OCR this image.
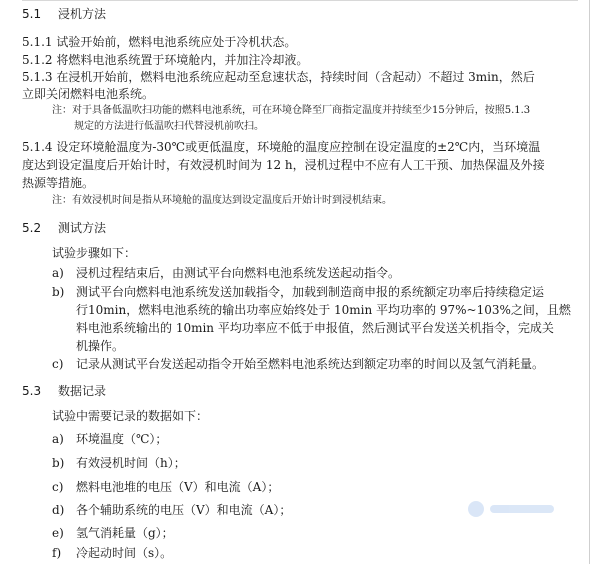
5.1 浸机方法
5.1.1 试验开始前，燃料电池系统应处于冷机状态。
5.1.2 将燃料电池系统置于环境舱内，并加注冷却液。
5.1.3 在浸机开始前，燃料电池系统应起动至怠速状态，持续时间（含起动）不超过 3min，然后
立即关闭燃料电池系统。
注：对于具备低温吹扫功能的燃料电池系统，可在环境仓降至厂商指定温度并持续至少15分钟后，按照5.1.3
规定的方法进行低温吹扫代替浸机前吹扫。
5.1.4 设定环境舱温度为-30℃或更低温度，环境舱的温度应控制在设定温度的±2℃内，当环境温
度达到设定温度后开始计时，有效浸机时间为 12 h，浸机过程中不应有人工干预、加热保温及外接
热源等措施。
注：有效浸机时间是指从环境舱的温度达到设定温度后开始计时到浸机结束。
5.2 测试方法
试验步骤如下：
a) 浸机过程结束后，由测试平台向燃料电池系统发送起动指令。
b) 测试平台向燃料电池系统发送加载指令，加载到制造商申报的系统额定功率后持续稳定运
行10min，燃料电池系统的输出功率应始终处于 10min 平均功率的 97%~103%之间，且燃
料电池系统输出的 10min 平均功率应不低于申报值，然后测试平台发送关机指令，完成关
机操作。
c) 记录从测试平台发送起动指令开始至燃料电池系统达到额定功率的时间以及氢气消耗量。
5.3 数据记录
试验中需要记录的数据如下：
a) 环境温度（℃）；
b) 有效浸机时间（h）；
c) 燃料电池堆的电压（V）和电流（A）；
d) 各个辅助系统的电压（V）和电流（A）；
e) 氢气消耗量（g）；
f) 冷起动时间（s）。
